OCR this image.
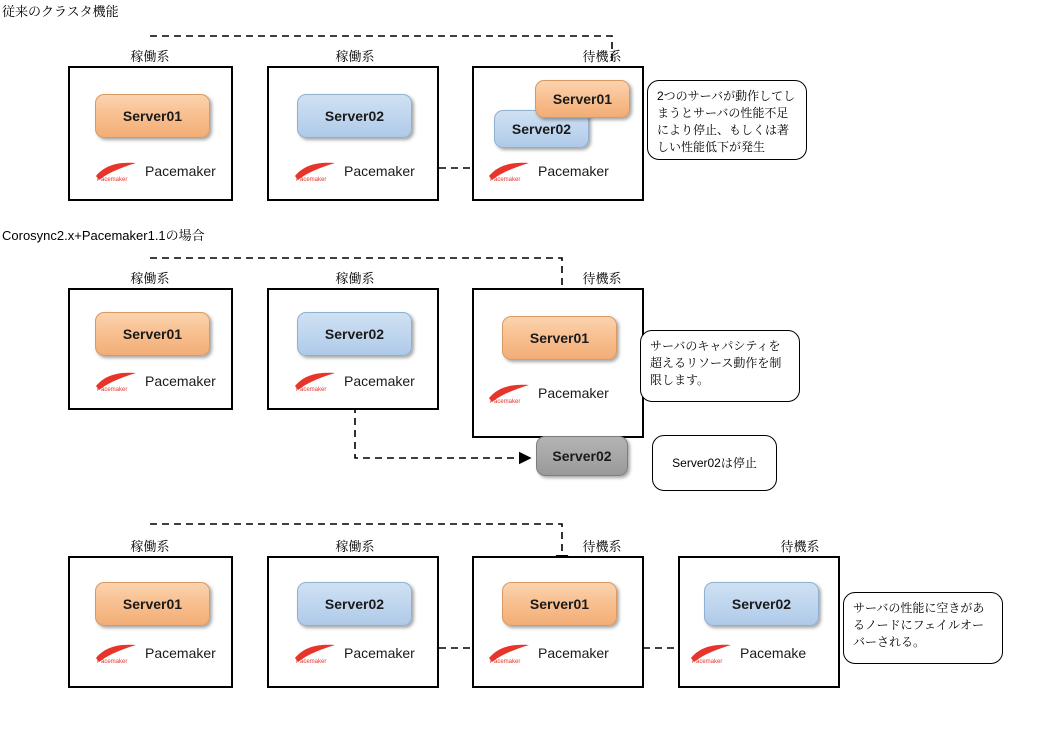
従来のクラスタ機能
稼働系	稼働系	待機系
Server01
Pacemaker
Pacemaker
Server02
Pacemaker
Pacemaker
Server02
Pacemaker
Pacemaker
Server01	2つのサーバが動作してしまうとサーバの性能不足により停止、もしくは著しい性能低下が発生
Corosync2.x+Pacemaker1.1の場合
稼働系	稼働系	待機系
Server01
Pacemaker
Pacemaker
Server02
Pacemaker
Pacemaker
Server01
Pacemaker
Pacemaker
サーバのキャパシティを超えるリソース動作を制限します。
Server02	Server02は停止
稼働系	稼働系	待機系	待機系
Server01
Pacemaker
Pacemaker
Server02
Pacemaker
Pacemaker
Server01
Pacemaker
Pacemaker
Server02
Pacemaker
Pacemake
サーバの性能に空きがあるノードにフェイルオーバーされる。
